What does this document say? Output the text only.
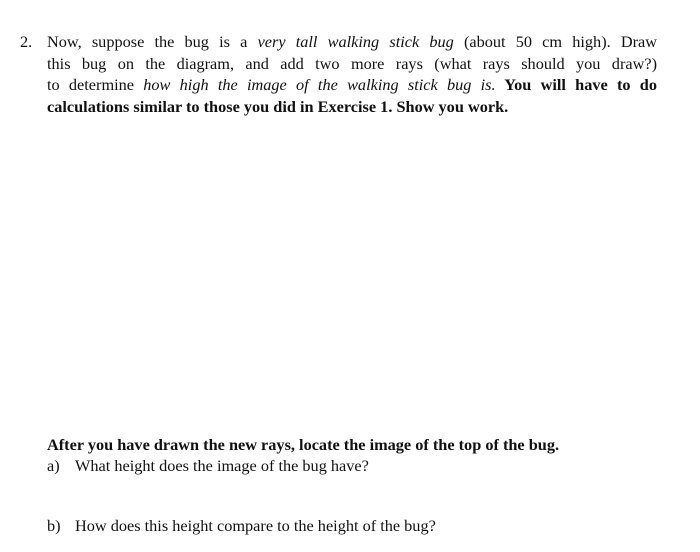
2. Now, suppose the bug is a very tall walking stick bug (about 50 cm high). Draw
this bug on the diagram, and add two more rays (what rays should you draw?)
to determine how high the image of the walking stick bug is. You will have to do
calculations similar to those you did in Exercise 1. Show you work.
After you have drawn the new rays, locate the image of the top of the bug.
a) What height does the image of the bug have?
b) How does this height compare to the height of the bug?
